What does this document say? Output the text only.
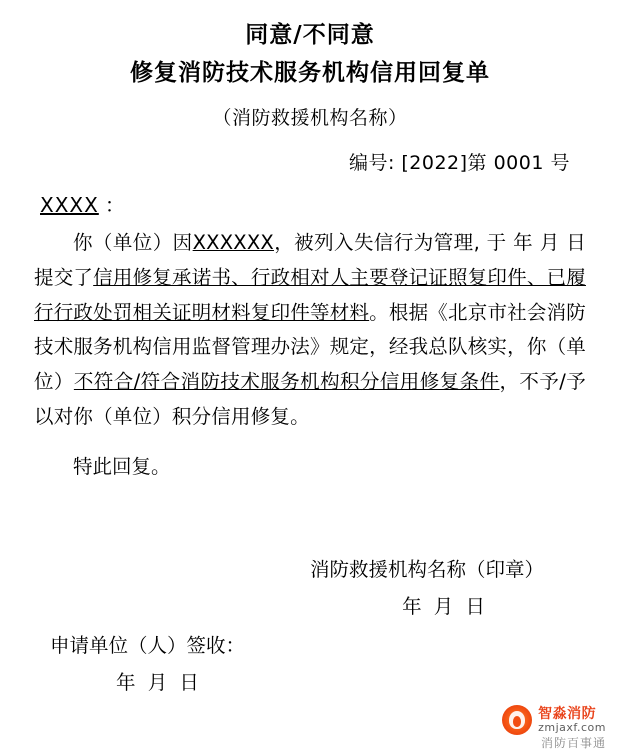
同意/不同意
修复消防技术服务机构信用回复单
（消防救援机构名称）
编号: [2022]第 0001 号
XXXX ：

你（单位）因XXXXXX，被列入失信行为管理, 于 年 月 日提交了信用修复承诺书、行政相对人主要登记证照复印件、已履行行政处罚相关证明材料复印件等材料。根据《北京市社会消防技术服务机构信用监督管理办法》规定，经我总队核实，你（单位）不符合/符合消防技术服务机构积分信用修复条件，不予/予以对你（单位）积分信用修复。

特此回复。
消防救援机构名称（印章）
年 月 日
申请单位（人）签收：
年 月 日
智淼消防
zmjaxf.com
消防百事通
